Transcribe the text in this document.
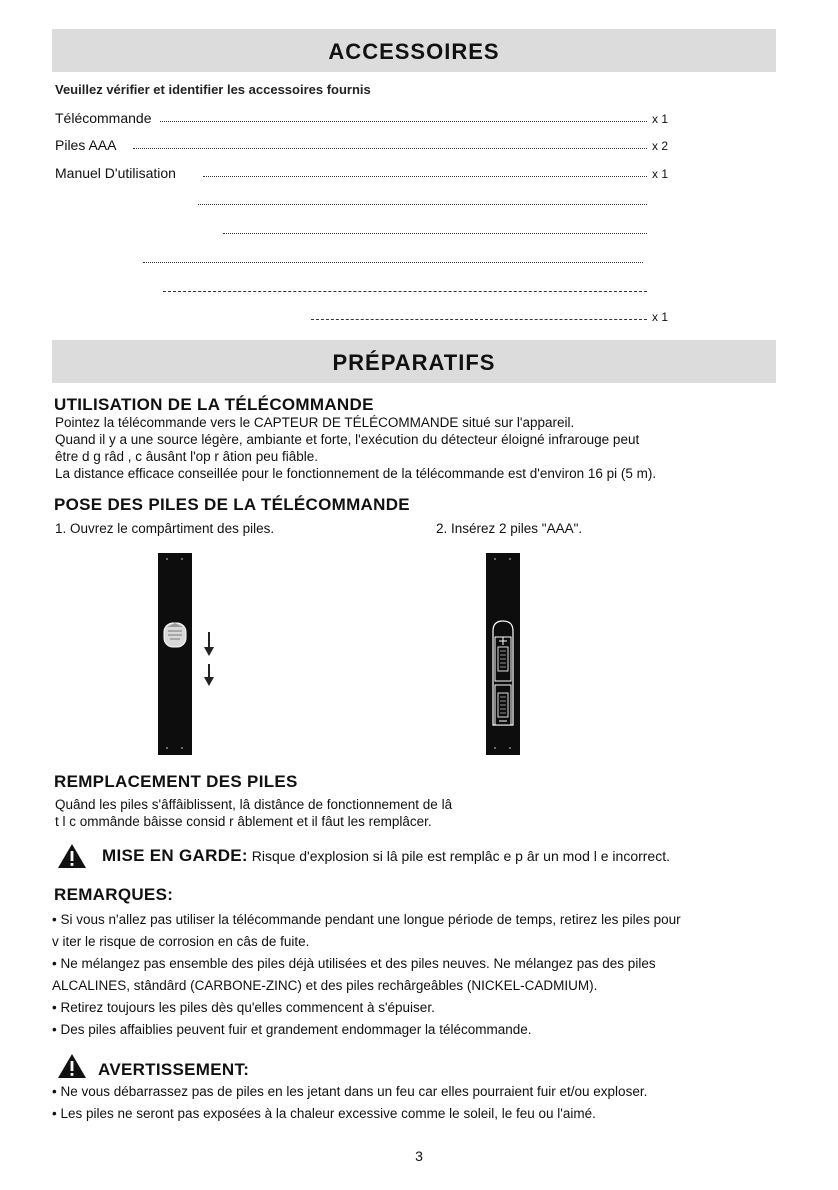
ACCESSOIRES
Veuillez vérifier et identifier les accessoires fournis
Télécommande	x 1
Piles AAA	x 2
Manuel D'utilisation	x 1
x 1
PRÉPARATIFS
UTILISATION DE LA TÉLÉCOMMANDE
Pointez la télécommande vers le CAPTEUR DE TÉLÉCOMMANDE situé sur l'appareil.
Quand il y a une source légère, ambiante et forte, l'exécution du détecteur éloigné infrarouge peut
être d g râd , c âusânt l'op r âtion peu fiâble.
La distance efficace conseillée pour le fonctionnement de la télécommande est d'environ 16 pi (5 m).
POSE DES PILES DE LA TÉLÉCOMMANDE
1. Ouvrez le compârtiment des piles.	2. Insérez 2 piles "AAA".
REMPLACEMENT DES PILES
Quând les piles s'âffâiblissent, lâ distânce de fonctionnement de lâ
t l c ommânde bâisse consid r âblement et il fâut les remplâcer.
MISE EN GARDE: Risque d'explosion si lâ pile est remplâc e p âr un mod l e incorrect.
REMARQUES:
• Si vous n'allez pas utiliser la télécommande pendant une longue période de temps, retirez les piles pour
v iter le risque de corrosion en câs de fuite.
• Ne mélangez pas ensemble des piles déjà utilisées et des piles neuves. Ne mélangez pas des piles
ALCALINES, stândârd (CARBONE-ZINC) et des piles rechârgeâbles (NICKEL-CADMIUM).
• Retirez toujours les piles dès qu'elles commencent à s'épuiser.
• Des piles affaiblies peuvent fuir et grandement endommager la télécommande.
AVERTISSEMENT:
• Ne vous débarrassez pas de piles en les jetant dans un feu car elles pourraient fuir et/ou exploser.
• Les piles ne seront pas exposées à la chaleur excessive comme le soleil, le feu ou l'aimé.
3
